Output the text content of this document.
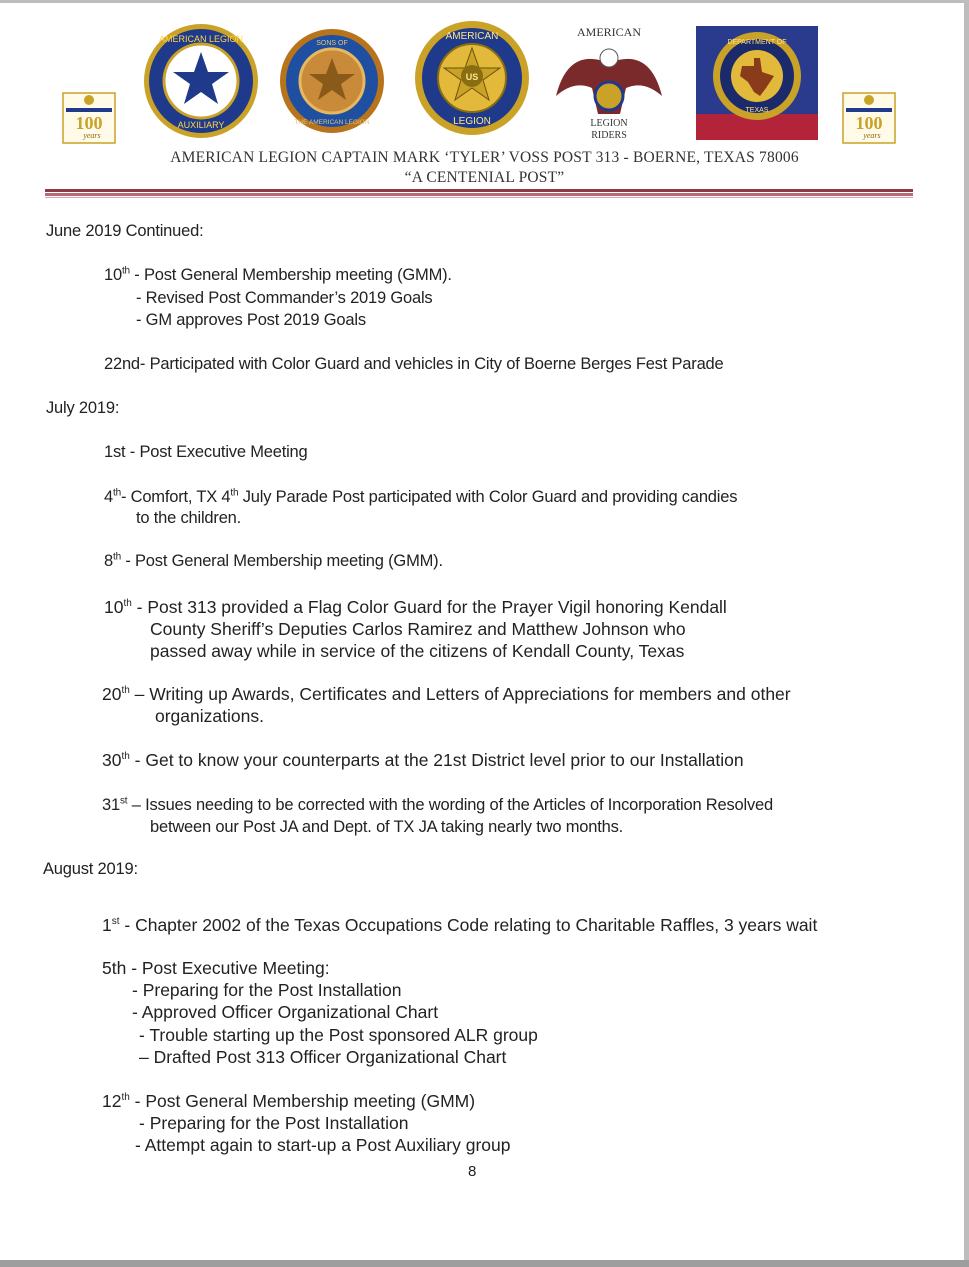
100
years
AMERICAN LEGION
AUXILIARY
SONS OF
THE AMERICAN LEGION
US
AMERICAN
LEGION
AMERICAN
LEGION
RIDERS
DEPARTMENT OF
TEXAS
100
years
AMERICAN LEGION CAPTAIN MARK ‘TYLER’ VOSS POST 313 - BOERNE, TEXAS 78006
“A CENTENIAL POST”
June 2019 Continued:
10th - Post General Membership meeting (GMM).
- Revised Post Commander’s 2019 Goals
- GM approves Post 2019 Goals
22nd- Participated with Color Guard and vehicles in City of Boerne Berges Fest Parade
July 2019:
1st - Post Executive Meeting
4th- Comfort, TX 4th July Parade Post participated with Color Guard and providing candies
to the children.
8th - Post General Membership meeting (GMM).
10th - Post 313 provided a Flag Color Guard for the Prayer Vigil honoring Kendall
County Sheriff’s Deputies Carlos Ramirez and Matthew Johnson who
passed away while in service of the citizens of Kendall County, Texas
20th – Writing up Awards, Certificates and Letters of Appreciations for members and other
organizations.
30th - Get to know your counterparts at the 21st District level prior to our Installation
31st – Issues needing to be corrected with the wording of the Articles of Incorporation Resolved
between our Post JA and Dept. of TX JA taking nearly two months.
August 2019:
1st - Chapter 2002 of the Texas Occupations Code relating to Charitable Raffles, 3 years wait
5th - Post Executive Meeting:
- Preparing for the Post Installation
- Approved Officer Organizational Chart
- Trouble starting up the Post sponsored ALR group
– Drafted Post 313 Officer Organizational Chart
12th - Post General Membership meeting (GMM)
- Preparing for the Post Installation
- Attempt again to start-up a Post Auxiliary group
8
